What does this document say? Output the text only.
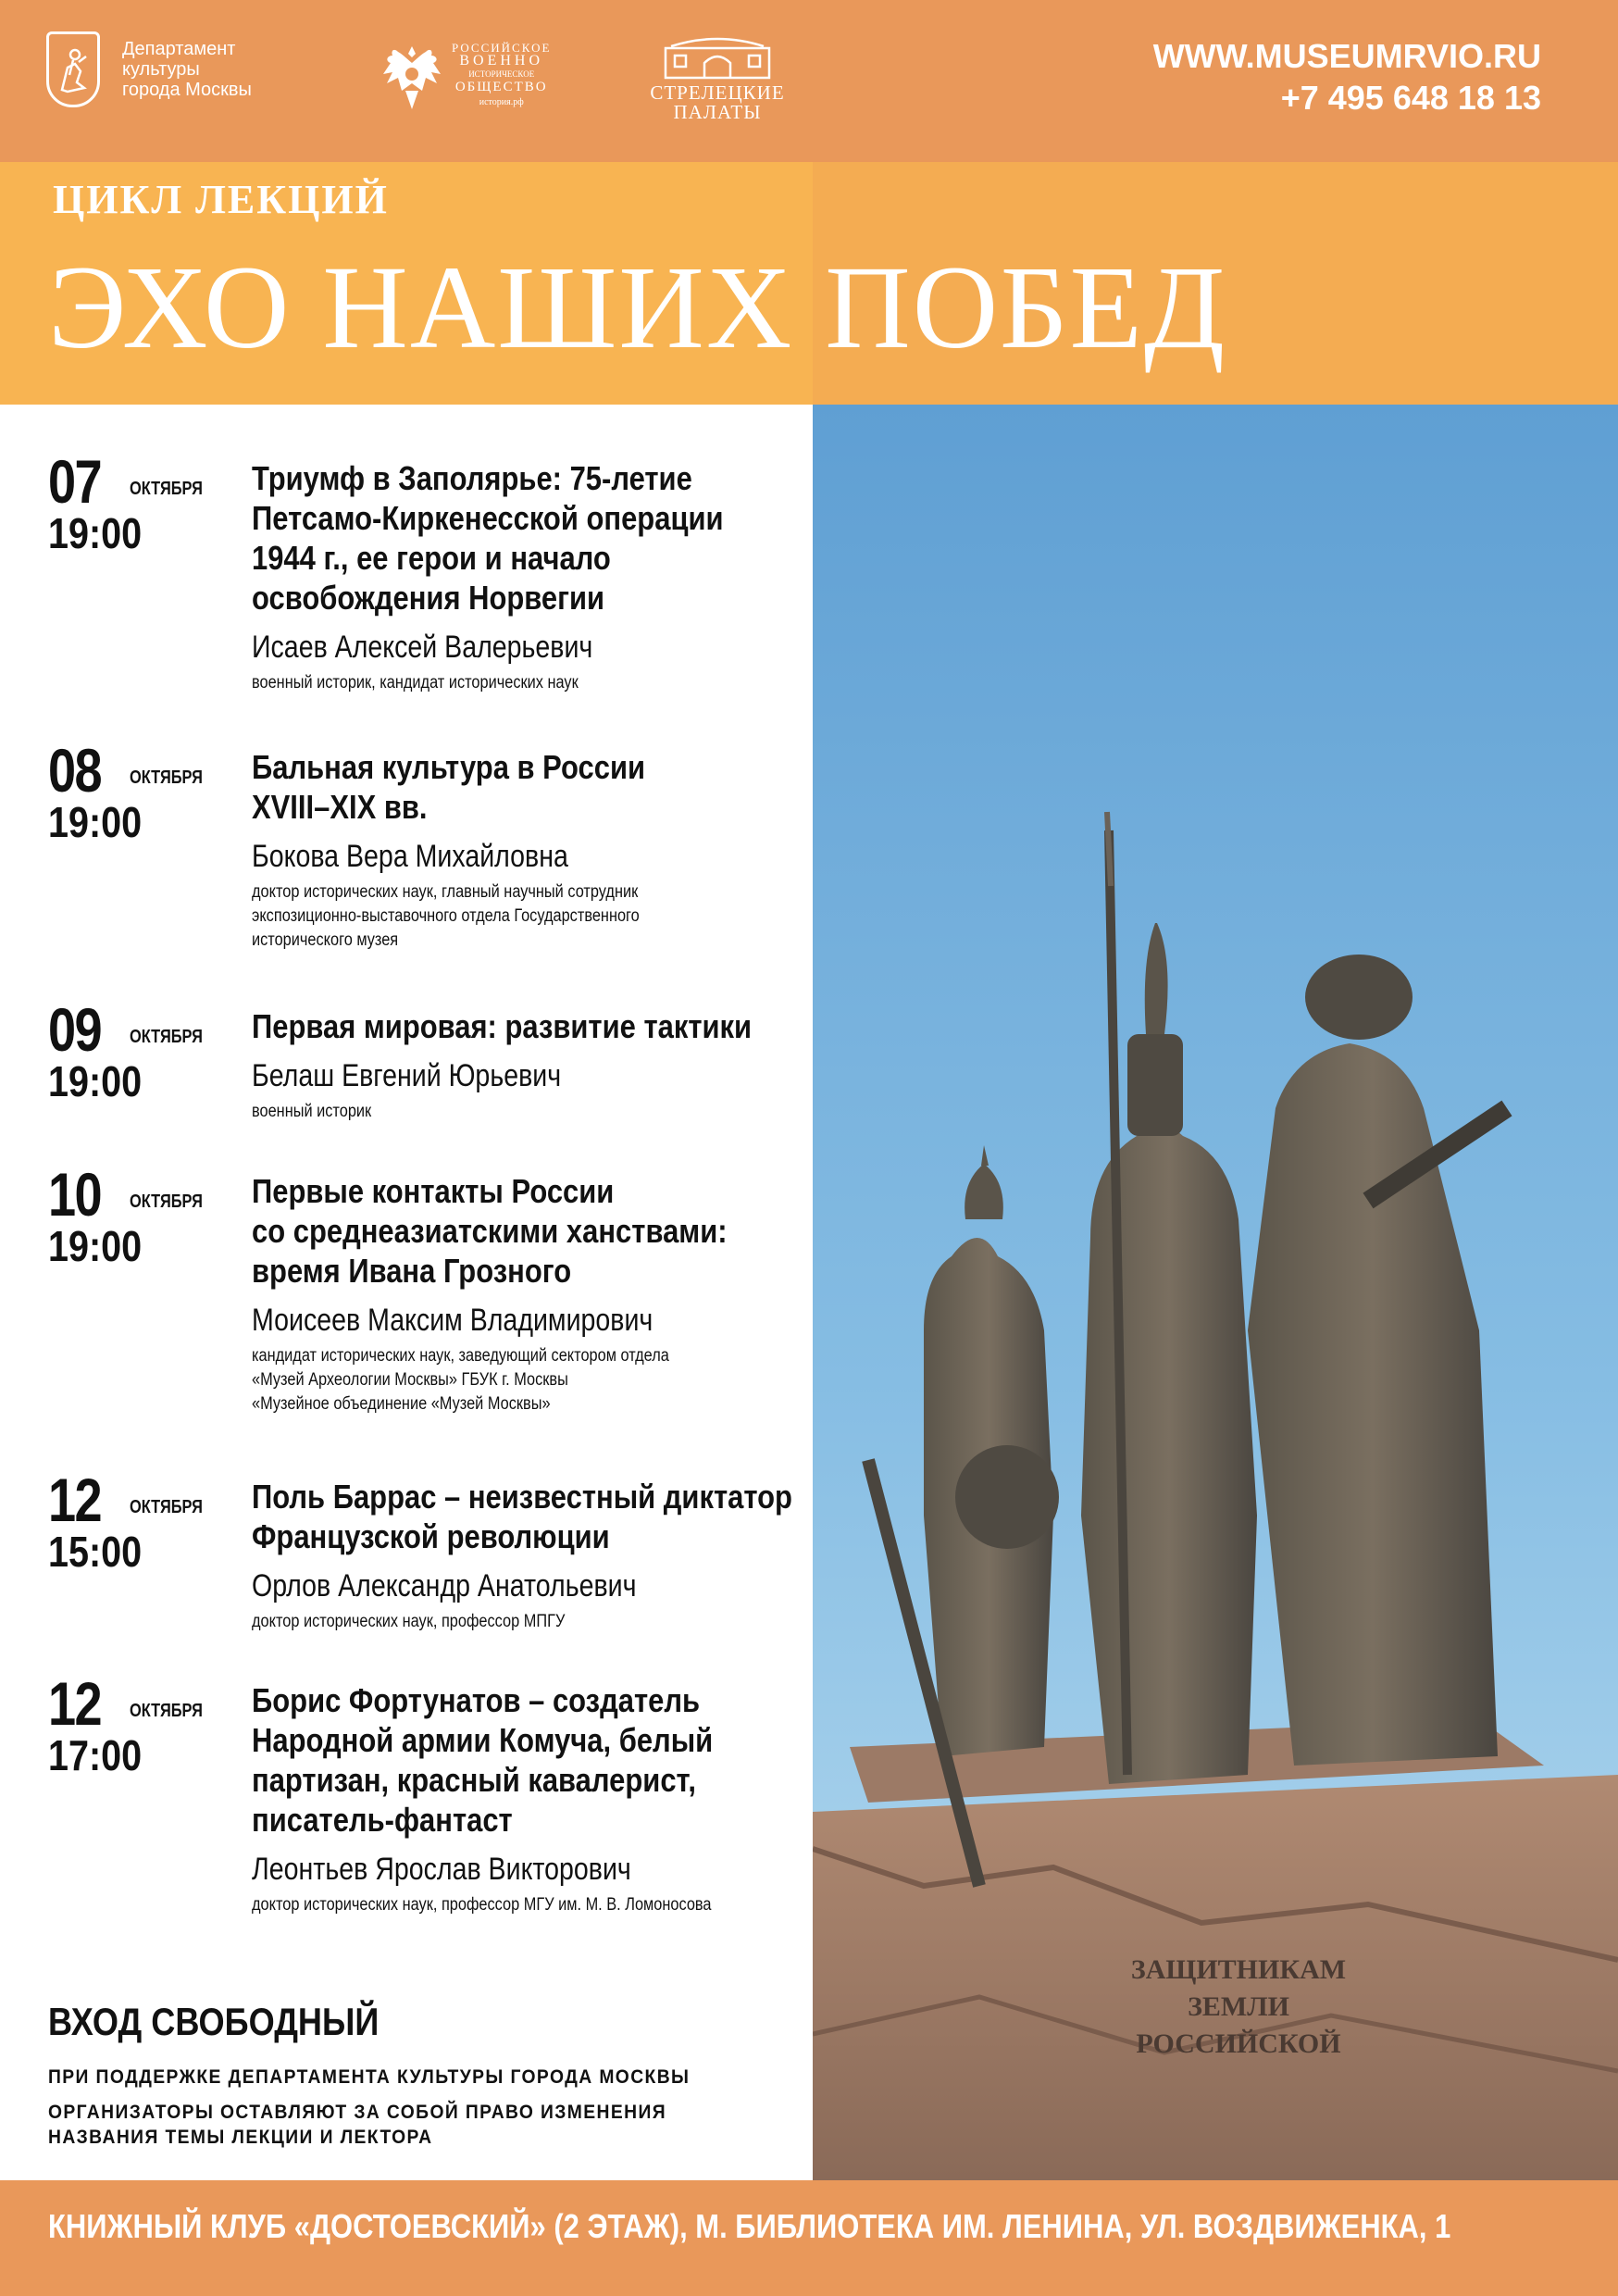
Департамент
культуры
города Москвы
РОССИЙСКОЕ
ВОЕННО
ИСТОРИЧЕСКОЕ
ОБЩЕСТВО
история.рф	СТРЕЛЕЦКИЕ
ПАЛАТЫ
WWW.MUSEUMRVIO.RU
+7 495 648 18 13
ЦИКЛ ЛЕКЦИЙ
ЭХО НАШИХ ПОБЕД
ЗАЩИТНИКАМ
ЗЕМЛИ
РОССИЙСКОЙ
07 ОКТЯБРЯ
19:00
Триумф в Заполярье: 75-летие
Петсамо-Киркенесской операции
1944 г., ее герои и начало
освобождения Норвегии
Исаев Алексей Валерьевич
военный историк, кандидат исторических наук
08 ОКТЯБРЯ
19:00
Бальная культура в России
XVIII–XIX вв.
Бокова Вера Михайловна
доктор исторических наук, главный научный сотрудник
экспозиционно-выставочного отдела Государственного
исторического музея
09 ОКТЯБРЯ
19:00
Первая мировая: развитие тактики
Белаш Евгений Юрьевич
военный историк
10 ОКТЯБРЯ
19:00
Первые контакты России
со среднеазиатскими ханствами:
время Ивана Грозного
Моисеев Максим Владимирович
кандидат исторических наук, заведующий сектором отдела
«Музей Археологии Москвы» ГБУК г. Москвы
«Музейное объединение «Музей Москвы»
12 ОКТЯБРЯ
15:00
Поль Баррас – неизвестный диктатор
Французской революции
Орлов Александр Анатольевич
доктор исторических наук, профессор МПГУ
12 ОКТЯБРЯ
17:00
Борис Фортунатов – создатель
Народной армии Комуча, белый
партизан, красный кавалерист,
писатель-фантаст
Леонтьев Ярослав Викторович
доктор исторических наук, профессор МГУ им. М. В. Ломоносова
ВХОД СВОБОДНЫЙ
ПРИ ПОДДЕРЖКЕ ДЕПАРТАМЕНТА КУЛЬТУРЫ ГОРОДА МОСКВЫ
ОРГАНИЗАТОРЫ ОСТАВЛЯЮТ ЗА СОБОЙ ПРАВО ИЗМЕНЕНИЯ
НАЗВАНИЯ ТЕМЫ ЛЕКЦИИ И ЛЕКТОРА
КНИЖНЫЙ КЛУБ «ДОСТОЕВСКИЙ» (2 ЭТАЖ), М. БИБЛИОТЕКА ИМ. ЛЕНИНА, УЛ. ВОЗДВИЖЕНКА, 1
